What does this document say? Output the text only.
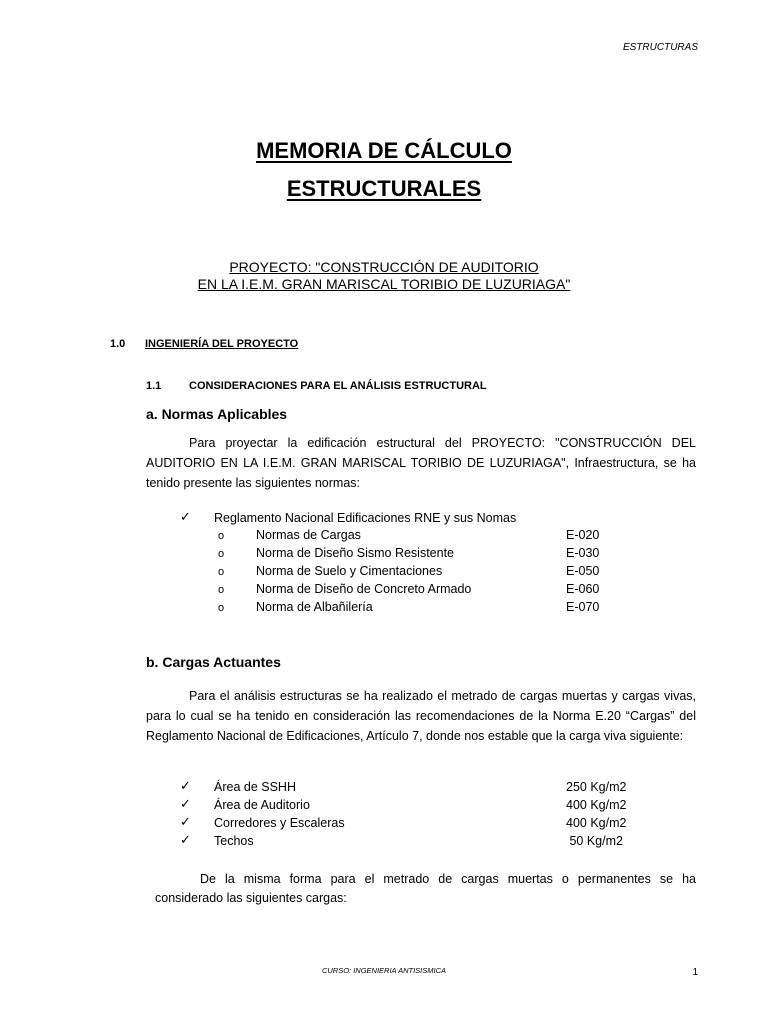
ESTRUCTURAS
MEMORIA DE CÁLCULO
ESTRUCTURALES
PROYECTO: "CONSTRUCCIÓN DE AUDITORIO
EN LA I.E.M. GRAN MARISCAL TORIBIO DE LUZURIAGA"
1.0 INGENIERÍA DEL PROYECTO
1.1	CONSIDERACIONES PARA EL ANÁLISIS ESTRUCTURAL
a. Normas Aplicables
Para proyectar la edificación estructural del PROYECTO: "CONSTRUCCIÓN DEL AUDITORIO EN LA I.E.M. GRAN MARISCAL TORIBIO DE LUZURIAGA", Infraestructura, se ha tenido presente las siguientes normas:
✓ Reglamento Nacional Edificaciones RNE y sus Nomas
o	Normas de Cargas	E-020
o	Norma de Diseño Sismo Resistente	E-030
o	Norma de Suelo y Cimentaciones	E-050
o	Norma de Diseño de Concreto Armado	E-060
o	Norma de Albañilería	E-070
b. Cargas Actuantes
Para el análisis estructuras se ha realizado el metrado de cargas muertas y cargas vivas, para lo cual se ha tenido en consideración las recomendaciones de la Norma E.20 “Cargas” del Reglamento Nacional de Edificaciones, Artículo 7, donde nos estable que la carga viva siguiente:
✓ Área de SSHH	250 Kg/m2
✓ Área de Auditorio	400 Kg/m2
✓ Corredores y Escaleras	400 Kg/m2
✓ Techos	50 Kg/m2
De la misma forma para el metrado de cargas muertas o permanentes se ha
considerado las siguientes cargas:
CURSO: INGENIERIA ANTISISMICA	1
